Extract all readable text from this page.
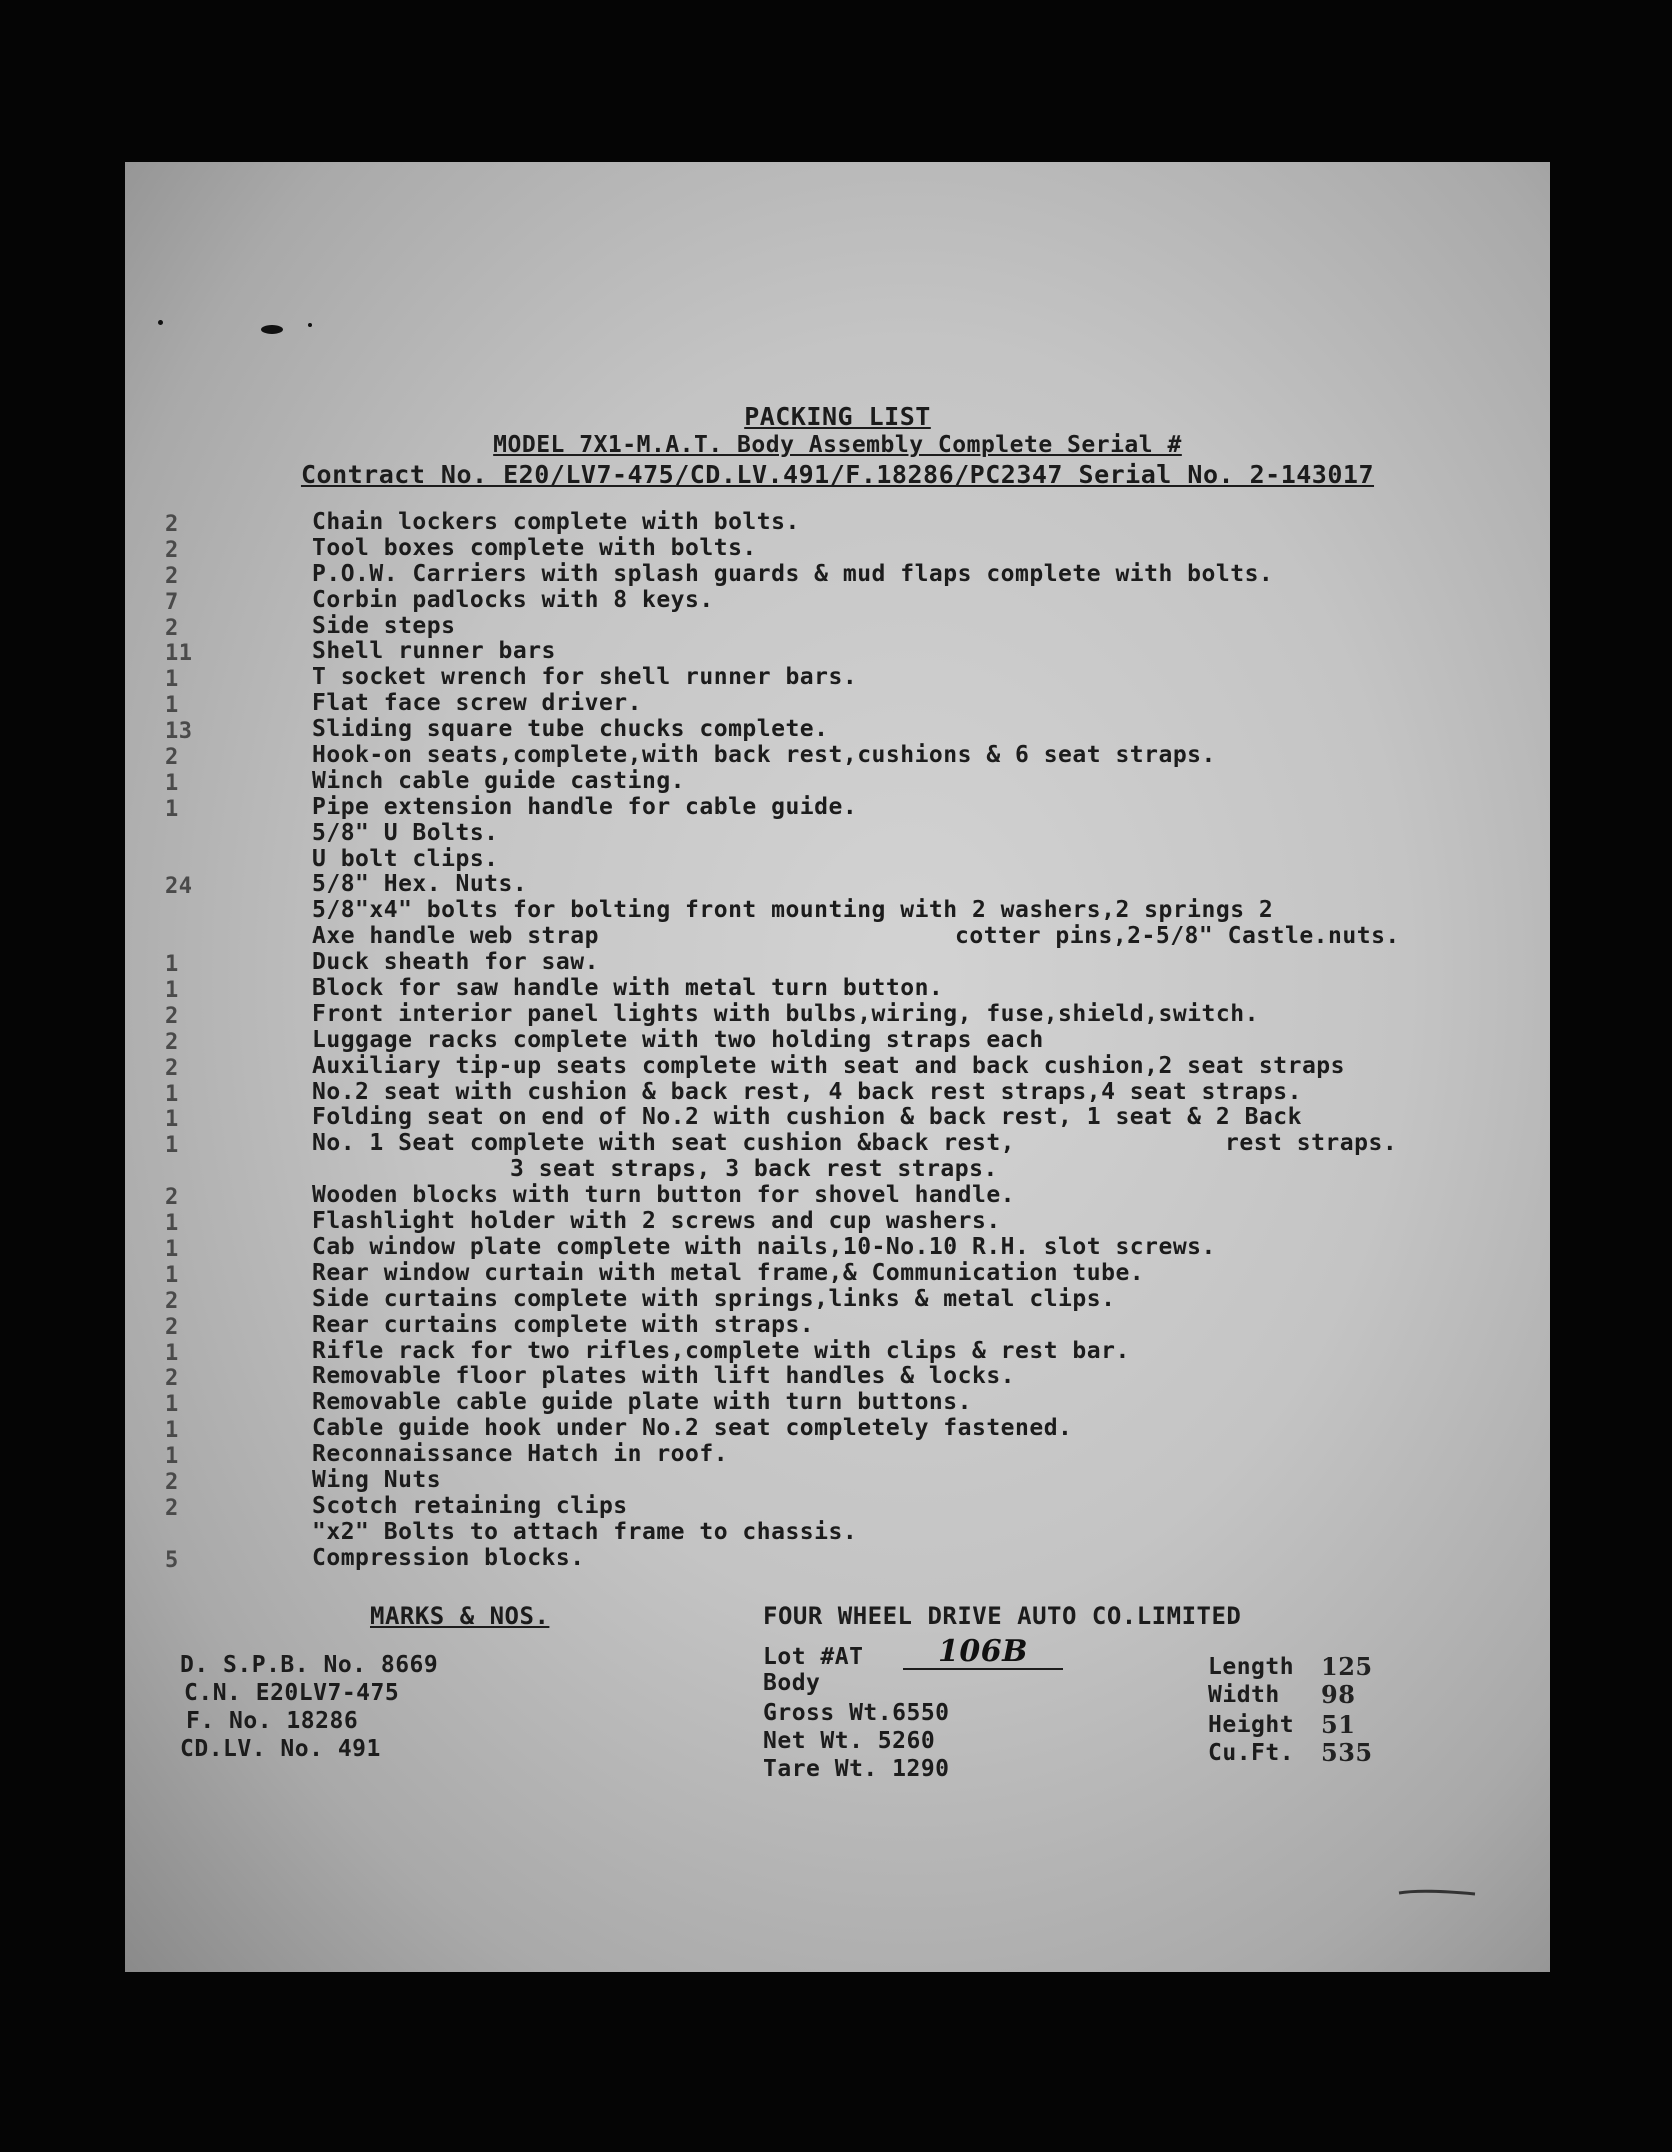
PACKING LIST
MODEL 7X1-M.A.T. Body Assembly Complete Serial #
Contract No. E20/LV7-475/CD.LV.491/F.18286/PC2347 Serial No. 2-143017
2	Chain lockers complete with bolts.
2	Tool boxes complete with bolts.
2	P.O.W. Carriers with splash guards & mud flaps complete with bolts.
7	Corbin padlocks with 8 keys.
2	Side steps
11	Shell runner bars
1	T socket wrench for shell runner bars.
1	Flat face screw driver.
13	Sliding square tube chucks complete.
2	Hook-on seats,complete,with back rest,cushions & 6 seat straps.
1	Winch cable guide casting.
1	Pipe extension handle for cable guide.
5/8" U Bolts.
U bolt clips.
24	5/8" Hex. Nuts.
5/8"x4" bolts for bolting front mounting with 2 washers,2 springs 2
Axe handle web strap	cotter pins,2-5/8" Castle.nuts.
1	Duck sheath for saw.
1	Block for saw handle with metal turn button.
2	Front interior panel lights with bulbs,wiring, fuse,shield,switch.
2	Luggage racks complete with two holding straps each
2	Auxiliary tip-up seats complete with seat and back cushion,2 seat straps
1	No.2 seat with cushion & back rest, 4 back rest straps,4 seat straps.
1	Folding seat on end of No.2 with cushion & back rest, 1 seat & 2 Back
1	No. 1 Seat complete with seat cushion &back rest,	rest straps.
3 seat straps, 3 back rest straps.
2	Wooden blocks with turn button for shovel handle.
1	Flashlight holder with 2 screws and cup washers.
1	Cab window plate complete with nails,10-No.10 R.H. slot screws.
1	Rear window curtain with metal frame,& Communication tube.
2	Side curtains complete with springs,links & metal clips.
2	Rear curtains complete with straps.
1	Rifle rack for two rifles,complete with clips & rest bar.
2	Removable floor plates with lift handles & locks.
1	Removable cable guide plate with turn buttons.
1	Cable guide hook under No.2 seat completely fastened.
1	Reconnaissance Hatch in roof.
2	Wing Nuts
2	Scotch retaining clips
"x2" Bolts to attach frame to chassis.
5	Compression blocks.
MARKS & NOS.
D. S.P.B. No. 8669
C.N. E20LV7-475
F. No. 18286
CD.LV. No. 491
FOUR WHEEL DRIVE AUTO CO.LIMITED
Lot #AT	106B
Body
Gross Wt.6550
Net Wt. 5260
Tare Wt. 1290
Length 125
Width 98
Height 51
Cu.Ft. 535
